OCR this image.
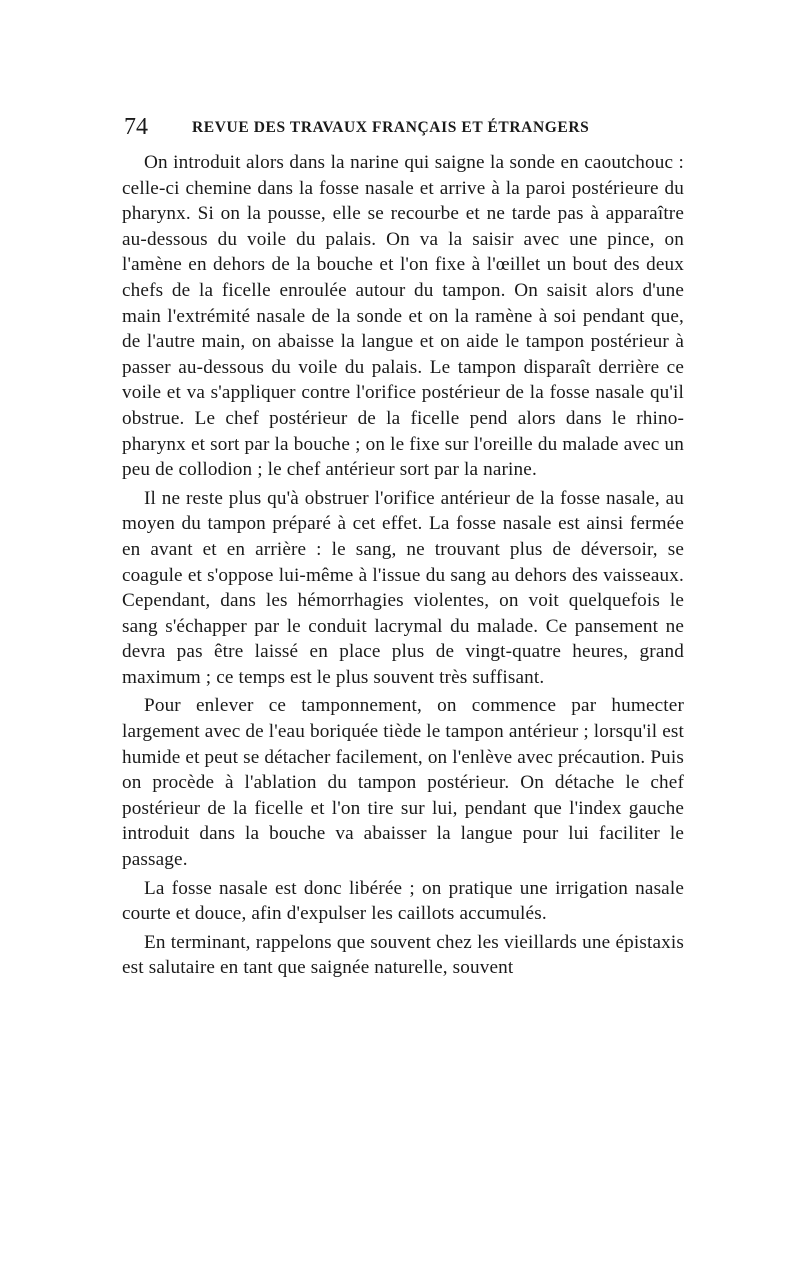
74	REVUE DES TRAVAUX FRANÇAIS ET ÉTRANGERS

On introduit alors dans la narine qui saigne la sonde en caoutchouc : celle-ci chemine dans la fosse nasale et arrive à la paroi postérieure du pharynx. Si on la pousse, elle se recourbe et ne tarde pas à apparaître au-dessous du voile du palais. On va la saisir avec une pince, on l'amène en dehors de la bouche et l'on fixe à l'œillet un bout des deux chefs de la ficelle enroulée autour du tampon. On saisit alors d'une main l'extrémité nasale de la sonde et on la ramène à soi pendant que, de l'autre main, on abaisse la langue et on aide le tampon postérieur à passer au-dessous du voile du palais. Le tampon disparaît derrière ce voile et va s'appliquer contre l'orifice postérieur de la fosse nasale qu'il obstrue. Le chef postérieur de la ficelle pend alors dans le rhino-pharynx et sort par la bouche ; on le fixe sur l'oreille du malade avec un peu de collodion ; le chef antérieur sort par la narine.

Il ne reste plus qu'à obstruer l'orifice antérieur de la fosse nasale, au moyen du tampon préparé à cet effet. La fosse nasale est ainsi fermée en avant et en arrière : le sang, ne trouvant plus de déversoir, se coagule et s'oppose lui-même à l'issue du sang au dehors des vaisseaux. Cependant, dans les hémorrhagies violentes, on voit quelquefois le sang s'échapper par le conduit lacrymal du malade. Ce pansement ne devra pas être laissé en place plus de vingt-quatre heures, grand maximum ; ce temps est le plus souvent très suffisant.

Pour enlever ce tamponnement, on commence par humecter largement avec de l'eau boriquée tiède le tampon antérieur ; lorsqu'il est humide et peut se détacher facilement, on l'enlève avec précaution. Puis on procède à l'ablation du tampon postérieur. On détache le chef postérieur de la ficelle et l'on tire sur lui, pendant que l'index gauche introduit dans la bouche va abaisser la langue pour lui faciliter le passage.

La fosse nasale est donc libérée ; on pratique une irrigation nasale courte et douce, afin d'expulser les caillots accumulés.

En terminant, rappelons que souvent chez les vieillards une épistaxis est salutaire en tant que saignée naturelle, souvent
